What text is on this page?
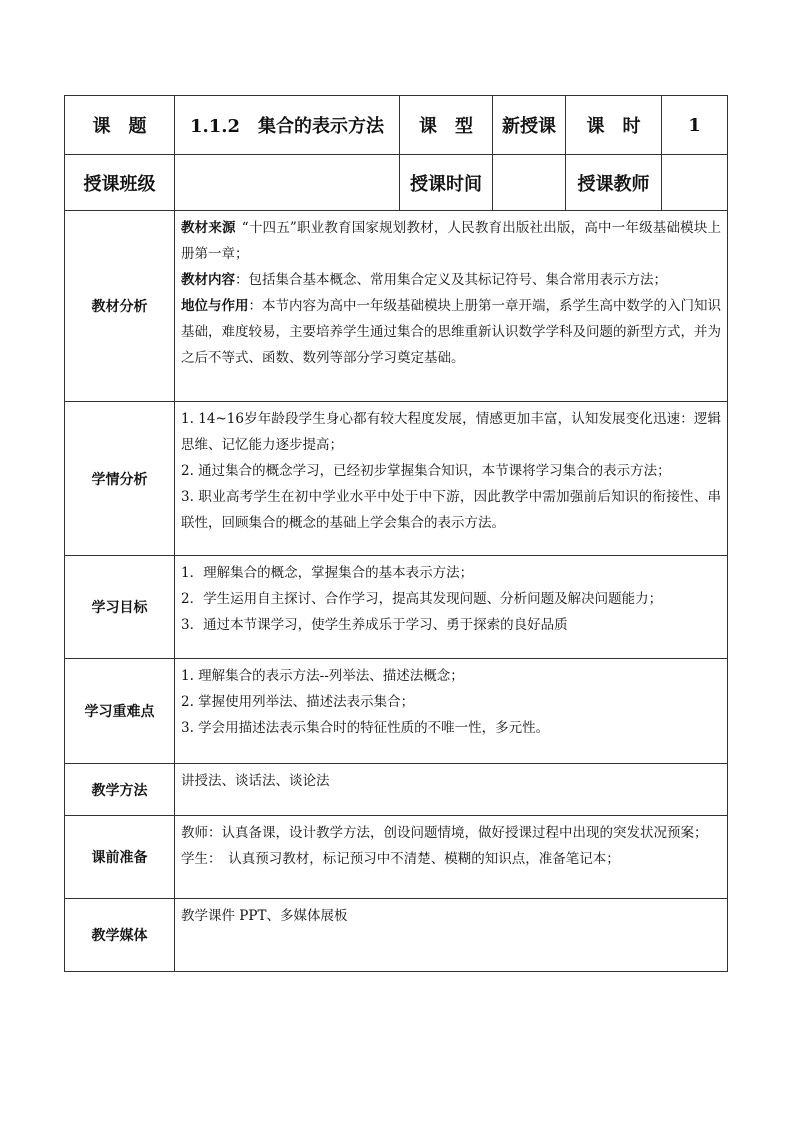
课　题	1.1.2　集合的表示方法	课　型	新授课	课　时	1
授课班级		授课时间		授课教师	
教材分析	教材来源 “十四五”职业教育国家规划教材，人民教育出版社出版，高中一年级基础模块上册第一章；

教材内容：包括集合基本概念、常用集合定义及其标记符号、集合常用表示方法；

地位与作用：本节内容为高中一年级基础模块上册第一章开端，系学生高中数学的入门知识基础，难度较易，主要培养学生通过集合的思维重新认识数学学科及问题的新型方式，并为之后不等式、函数、数列等部分学习奠定基础。				

学情分析	1. 14~16岁年龄段学生身心都有较大程度发展，情感更加丰富，认知发展变化迅速：逻辑思维、记忆能力逐步提高；

2. 通过集合的概念学习，已经初步掌握集合知识，本节课将学习集合的表示方法；

3. 职业高考学生在初中学业水平中处于中下游，因此教学中需加强前后知识的衔接性、串联性，回顾集合的概念的基础上学会集合的表示方法。				

学习目标	1．理解集合的概念，掌握集合的基本表示方法；

2．学生运用自主探讨、合作学习，提高其发现问题、分析问题及解决问题能力；

3．通过本节课学习，使学生养成乐于学习、勇于探索的良好品质				

学习重难点	1. 理解集合的表示方法--列举法、描述法概念；

2. 掌握使用列举法、描述法表示集合；

3. 学会用描述法表示集合时的特征性质的不唯一性，多元性。				

教学方法	讲授法、谈话法、谈论法				

课前准备	教师：认真备课，设计教学方法，创设问题情境，做好授课过程中出现的突发状况预案；

学生：　认真预习教材，标记预习中不清楚、模糊的知识点，准备笔记本；				

教学媒体	教学课件 PPT、多媒体展板				
